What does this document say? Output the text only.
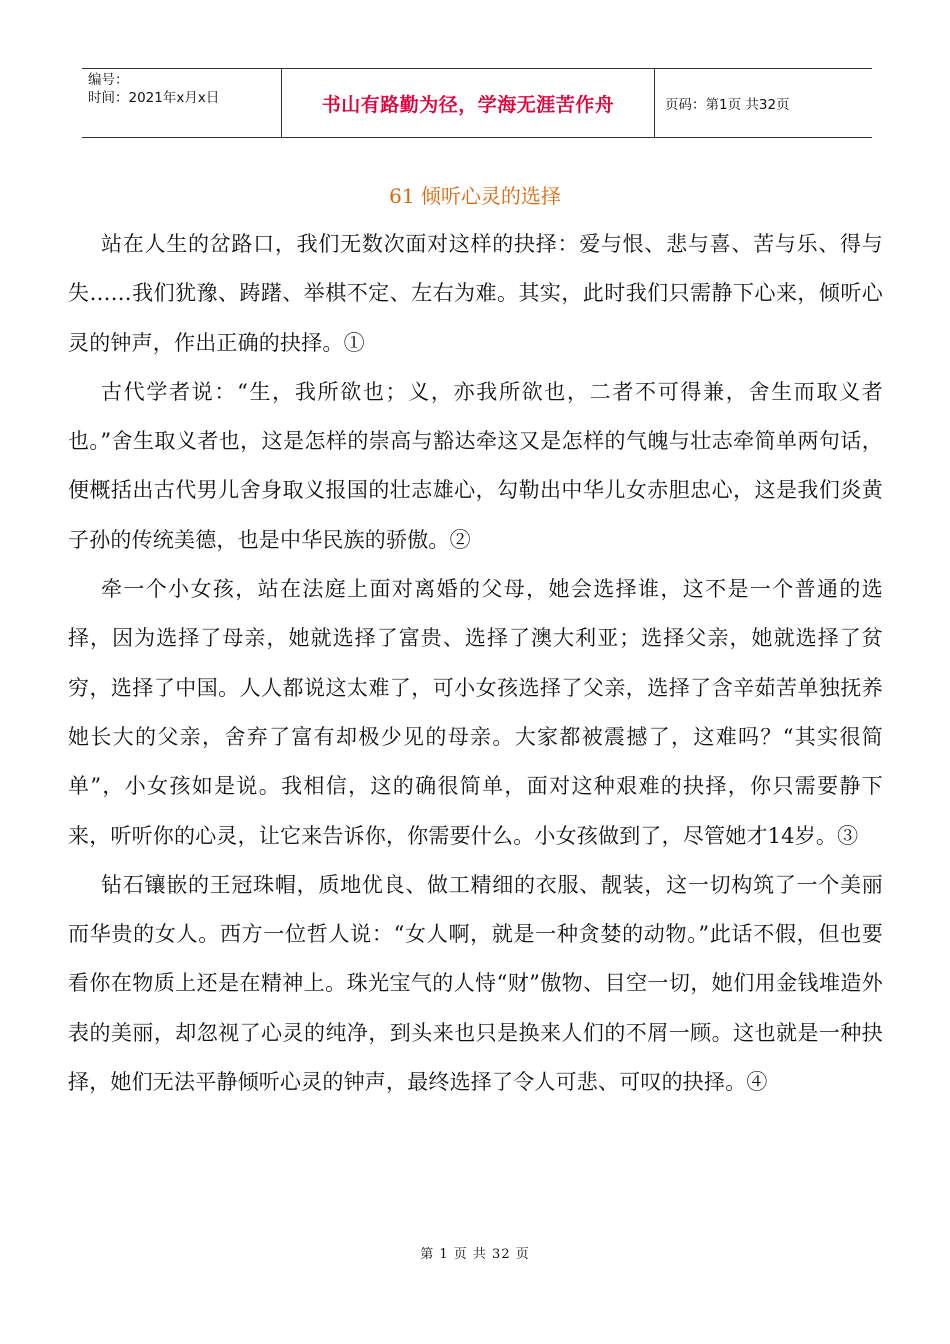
编号：
时间：2021年x月x日	书山有路勤为径，学海无涯苦作舟	页码：第1页 共32页
61 倾听心灵的选择

站在人生的岔路口，我们无数次面对这样的抉择：爱与恨、悲与喜、苦与乐、得与失……我们犹豫、踌躇、举棋不定、左右为难。其实，此时我们只需静下心来，倾听心灵的钟声，作出正确的抉择。①

古代学者说：“生，我所欲也；义，亦我所欲也，二者不可得兼，舍生而取义者也。”舍生取义者也，这是怎样的崇高与豁达牵这又是怎样的气魄与壮志牵简单两句话，便概括出古代男儿舍身取义报国的壮志雄心，勾勒出中华儿女赤胆忠心，这是我们炎黄子孙的传统美德，也是中华民族的骄傲。②

牵一个小女孩，站在法庭上面对离婚的父母，她会选择谁，这不是一个普通的选择，因为选择了母亲，她就选择了富贵、选择了澳大利亚；选择父亲，她就选择了贫穷，选择了中国。人人都说这太难了，可小女孩选择了父亲，选择了含辛茹苦单独抚养她长大的父亲，舍弃了富有却极少见的母亲。大家都被震撼了，这难吗？“其实很简单”，小女孩如是说。我相信，这的确很简单，面对这种艰难的抉择，你只需要静下来，听听你的心灵，让它来告诉你，你需要什么。小女孩做到了，尽管她才14岁。③

钻石镶嵌的王冠珠帽，质地优良、做工精细的衣服、靓装，这一切构筑了一个美丽而华贵的女人。西方一位哲人说：“女人啊，就是一种贪婪的动物。”此话不假，但也要看你在物质上还是在精神上。珠光宝气的人恃“财”傲物、目空一切，她们用金钱堆造外表的美丽，却忽视了心灵的纯净，到头来也只是换来人们的不屑一顾。这也就是一种抉择，她们无法平静倾听心灵的钟声，最终选择了令人可悲、可叹的抉择。④

第 1 页 共 32 页
